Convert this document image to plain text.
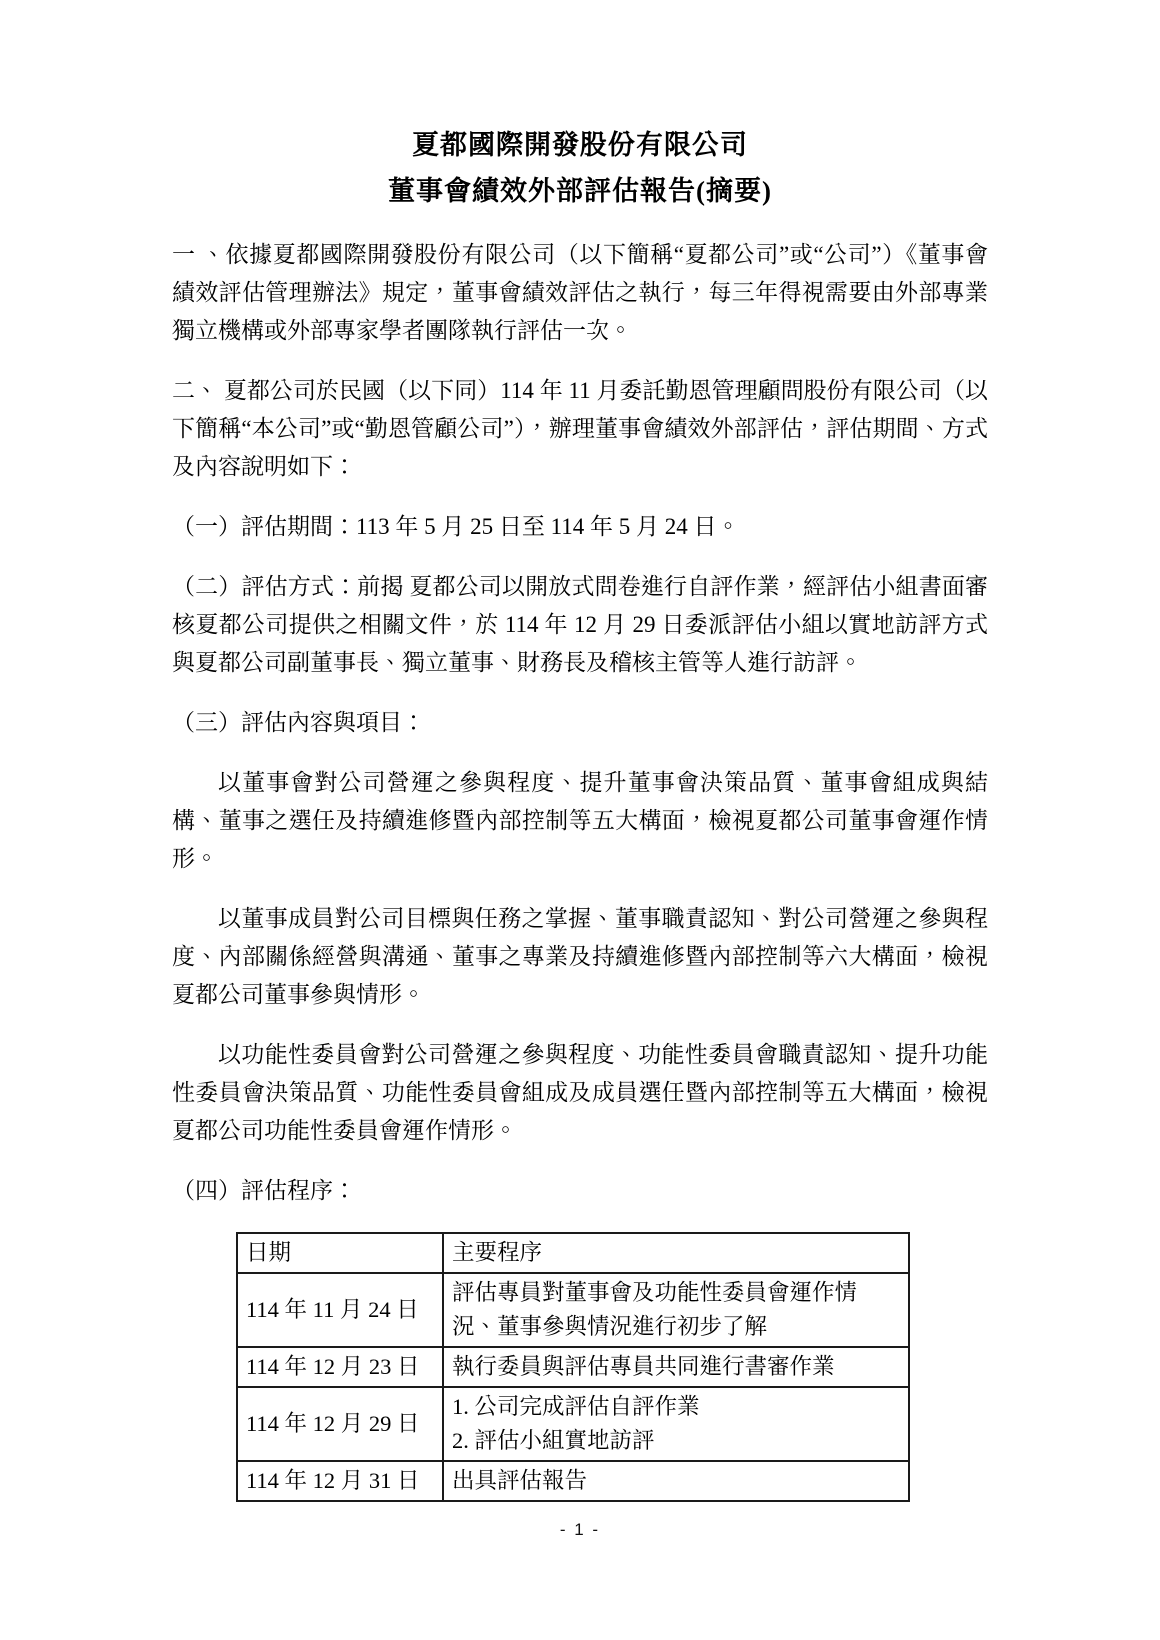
夏都國際開發股份有限公司
董事會績效外部評估報告(摘要)

一 、依據夏都國際開發股份有限公司（以下簡稱“夏都公司”或“公司”）《董事會績效評估管理辦法》規定，董事會績效評估之執行，每三年得視需要由外部專業獨立機構或外部專家學者團隊執行評估一次。

二、 夏都公司於民國（以下同）114 年 11 月委託勤恩管理顧問股份有限公司（以下簡稱“本公司”或“勤恩管顧公司”），辦理董事會績效外部評估，評估期間、方式及內容說明如下：

（一）評估期間：113 年 5 月 25 日至 114 年 5 月 24 日。

（二）評估方式：前揭 夏都公司以開放式問卷進行自評作業，經評估小組書面審核夏都公司提供之相關文件，於 114 年 12 月 29 日委派評估小組以實地訪評方式與夏都公司副董事長、獨立董事、財務長及稽核主管等人進行訪評。

（三）評估內容與項目：

以董事會對公司營運之參與程度、提升董事會決策品質、董事會組成與結構、董事之選任及持續進修暨內部控制等五大構面，檢視夏都公司董事會運作情形。

以董事成員對公司目標與任務之掌握、董事職責認知、對公司營運之參與程度、內部關係經營與溝通、董事之專業及持續進修暨內部控制等六大構面，檢視夏都公司董事參與情形。

以功能性委員會對公司營運之參與程度、功能性委員會職責認知、提升功能性委員會決策品質、功能性委員會組成及成員選任暨內部控制等五大構面，檢視夏都公司功能性委員會運作情形。

（四）評估程序：

日期	主要程序
114 年 11 月 24 日	評估專員對董事會及功能性委員會運作情況、董事參與情況進行初步了解
114 年 12 月 23 日	執行委員與評估專員共同進行書審作業
114 年 12 月 29 日	1. 公司完成評估自評作業
2. 評估小組實地訪評

114 年 12 月 31 日	出具評估報告
- 1 -
